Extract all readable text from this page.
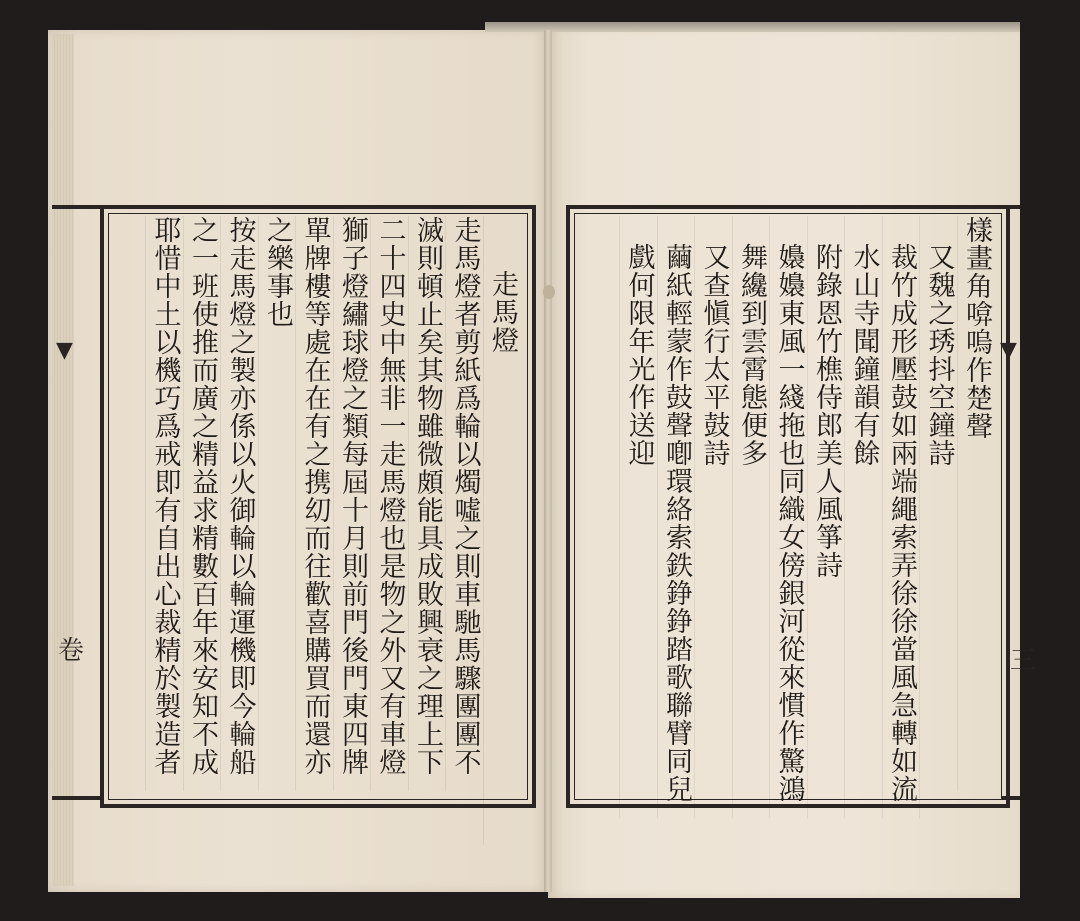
▼	▼
走馬燈
走馬燈者剪紙爲輪以燭噓之則車馳馬驟團團不
滅則頓止矣其物雖微頗能具成敗興衰之理上下
二十四史中無非一走馬燈也是物之外又有車燈
獅子燈繡球燈之類每屆十月則前門後門東四牌
單牌樓等處在在有之携㓜而往歡喜購買而還亦
之樂事也
按走馬燈之製亦係以火御輪以輪運機即今輪船
之一班使推而廣之精益求精數百年來安知不成
耶惜中土以機巧爲戒即有自出心裁精於製造者
樣畫角啽嗚作楚聲
又魏之琇抖空鐘詩
裁竹成形壓鼓如兩端繩索弄徐徐當風急轉如流
水山寺聞鐘韻有餘
附錄恩竹樵侍郎美人風箏詩
嬝嬝東風一綫拖也同織女傍銀河從來慣作驚鴻
舞纔到雲霄態便多
又查愼行太平鼓詩
繭紙輕蒙作鼓聲喞環絡索鉄錚錚踏歌聯臂同兒
戲何限年光作送迎
卷	三
